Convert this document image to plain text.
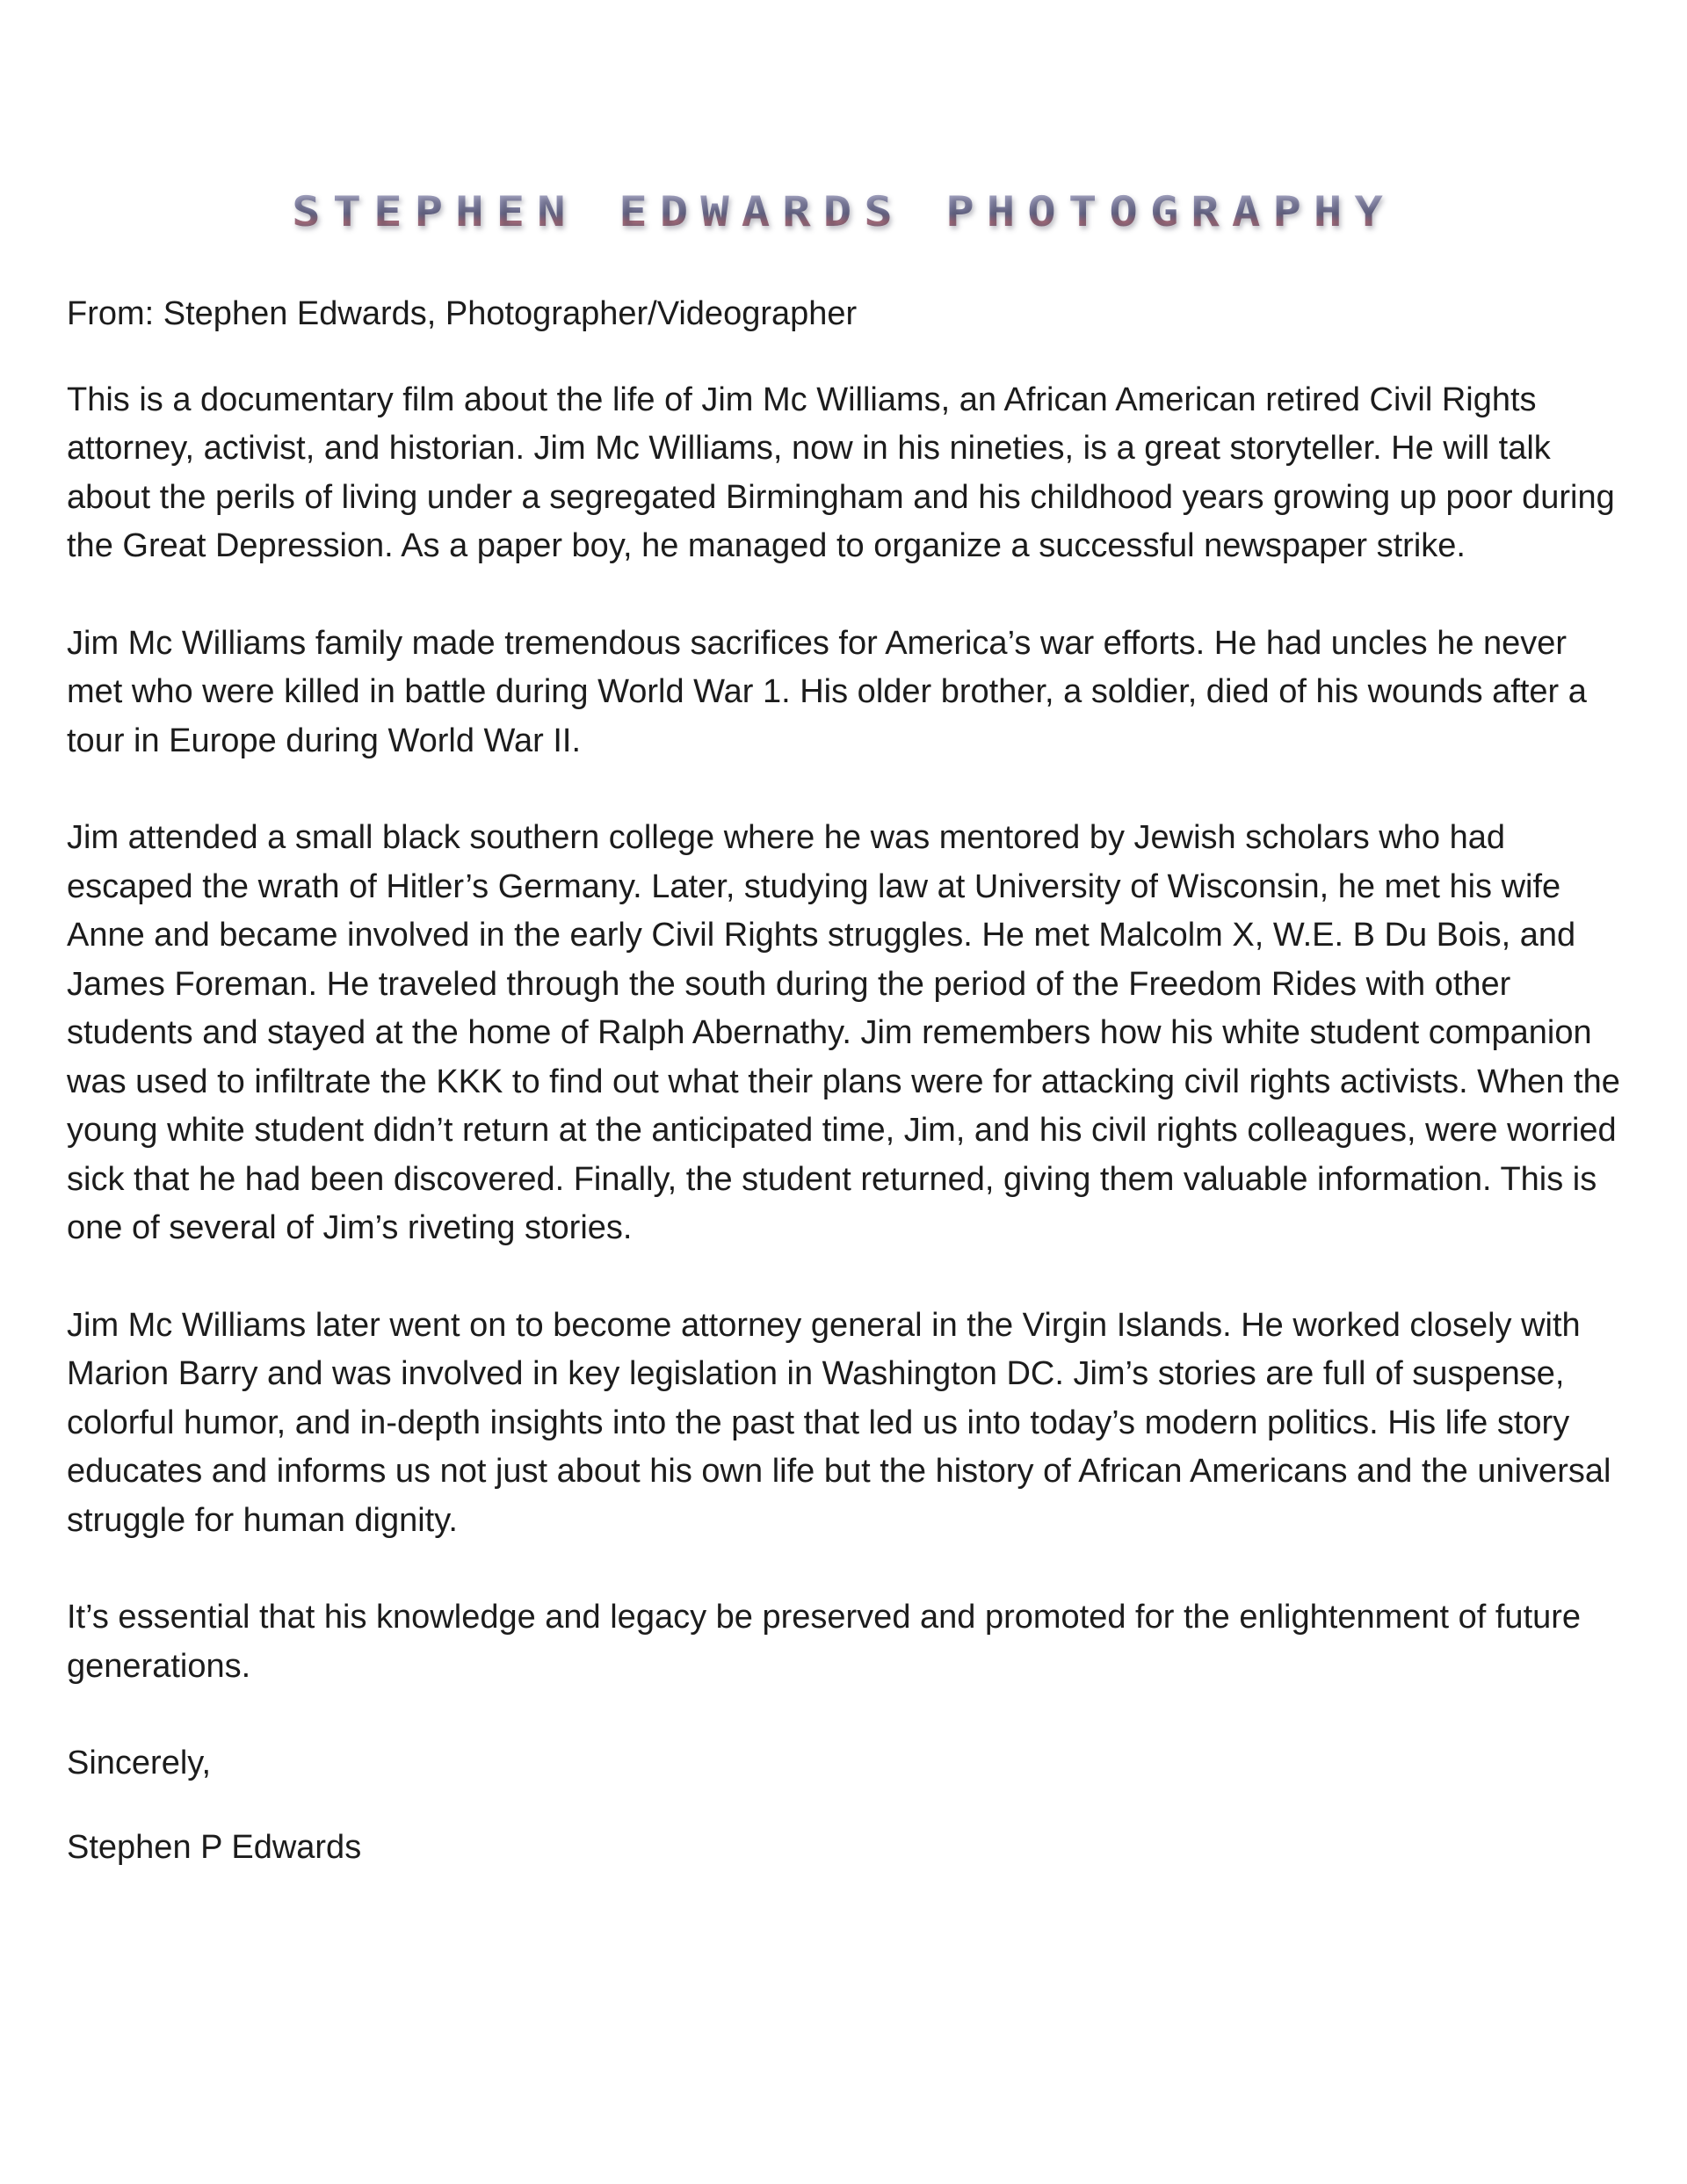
STEPHEN EDWARDS PHOTOGRAPHY

From: Stephen Edwards, Photographer/Videographer

This is a documentary film about the life of Jim Mc Williams, an African American retired Civil Rights attorney, activist, and historian. Jim Mc Williams, now in his nineties, is a great storyteller. He will talk about the perils of living under a segregated Birmingham and his childhood years growing up poor during the Great Depression. As a paper boy, he managed to organize a successful newspaper strike.

Jim Mc Williams family made tremendous sacrifices for America’s war efforts. He had uncles he never met who were killed in battle during World War 1. His older brother, a soldier, died of his wounds after a tour in Europe during World War II.

Jim attended a small black southern college where he was mentored by Jewish scholars who had escaped the wrath of Hitler’s Germany. Later, studying law at University of Wisconsin, he met his wife Anne and became involved in the early Civil Rights struggles. He met Malcolm X, W.E. B Du Bois, and James Foreman. He traveled through the south during the period of the Freedom Rides with other students and stayed at the home of Ralph Abernathy. Jim remembers how his white student companion was used to infiltrate the KKK to find out what their plans were for attacking civil rights activists. When the young white student didn’t return at the anticipated time, Jim, and his civil rights colleagues, were worried sick that he had been discovered. Finally, the student returned, giving them valuable information. This is one of several of Jim’s riveting stories.

Jim Mc Williams later went on to become attorney general in the Virgin Islands. He worked closely with Marion Barry and was involved in key legislation in Washington DC. Jim’s stories are full of suspense, colorful humor, and in-depth insights into the past that led us into today’s modern politics. His life story educates and informs us not just about his own life but the history of African Americans and the universal struggle for human dignity.

It’s essential that his knowledge and legacy be preserved and promoted for the enlightenment of future generations.

Sincerely,

Stephen P Edwards
